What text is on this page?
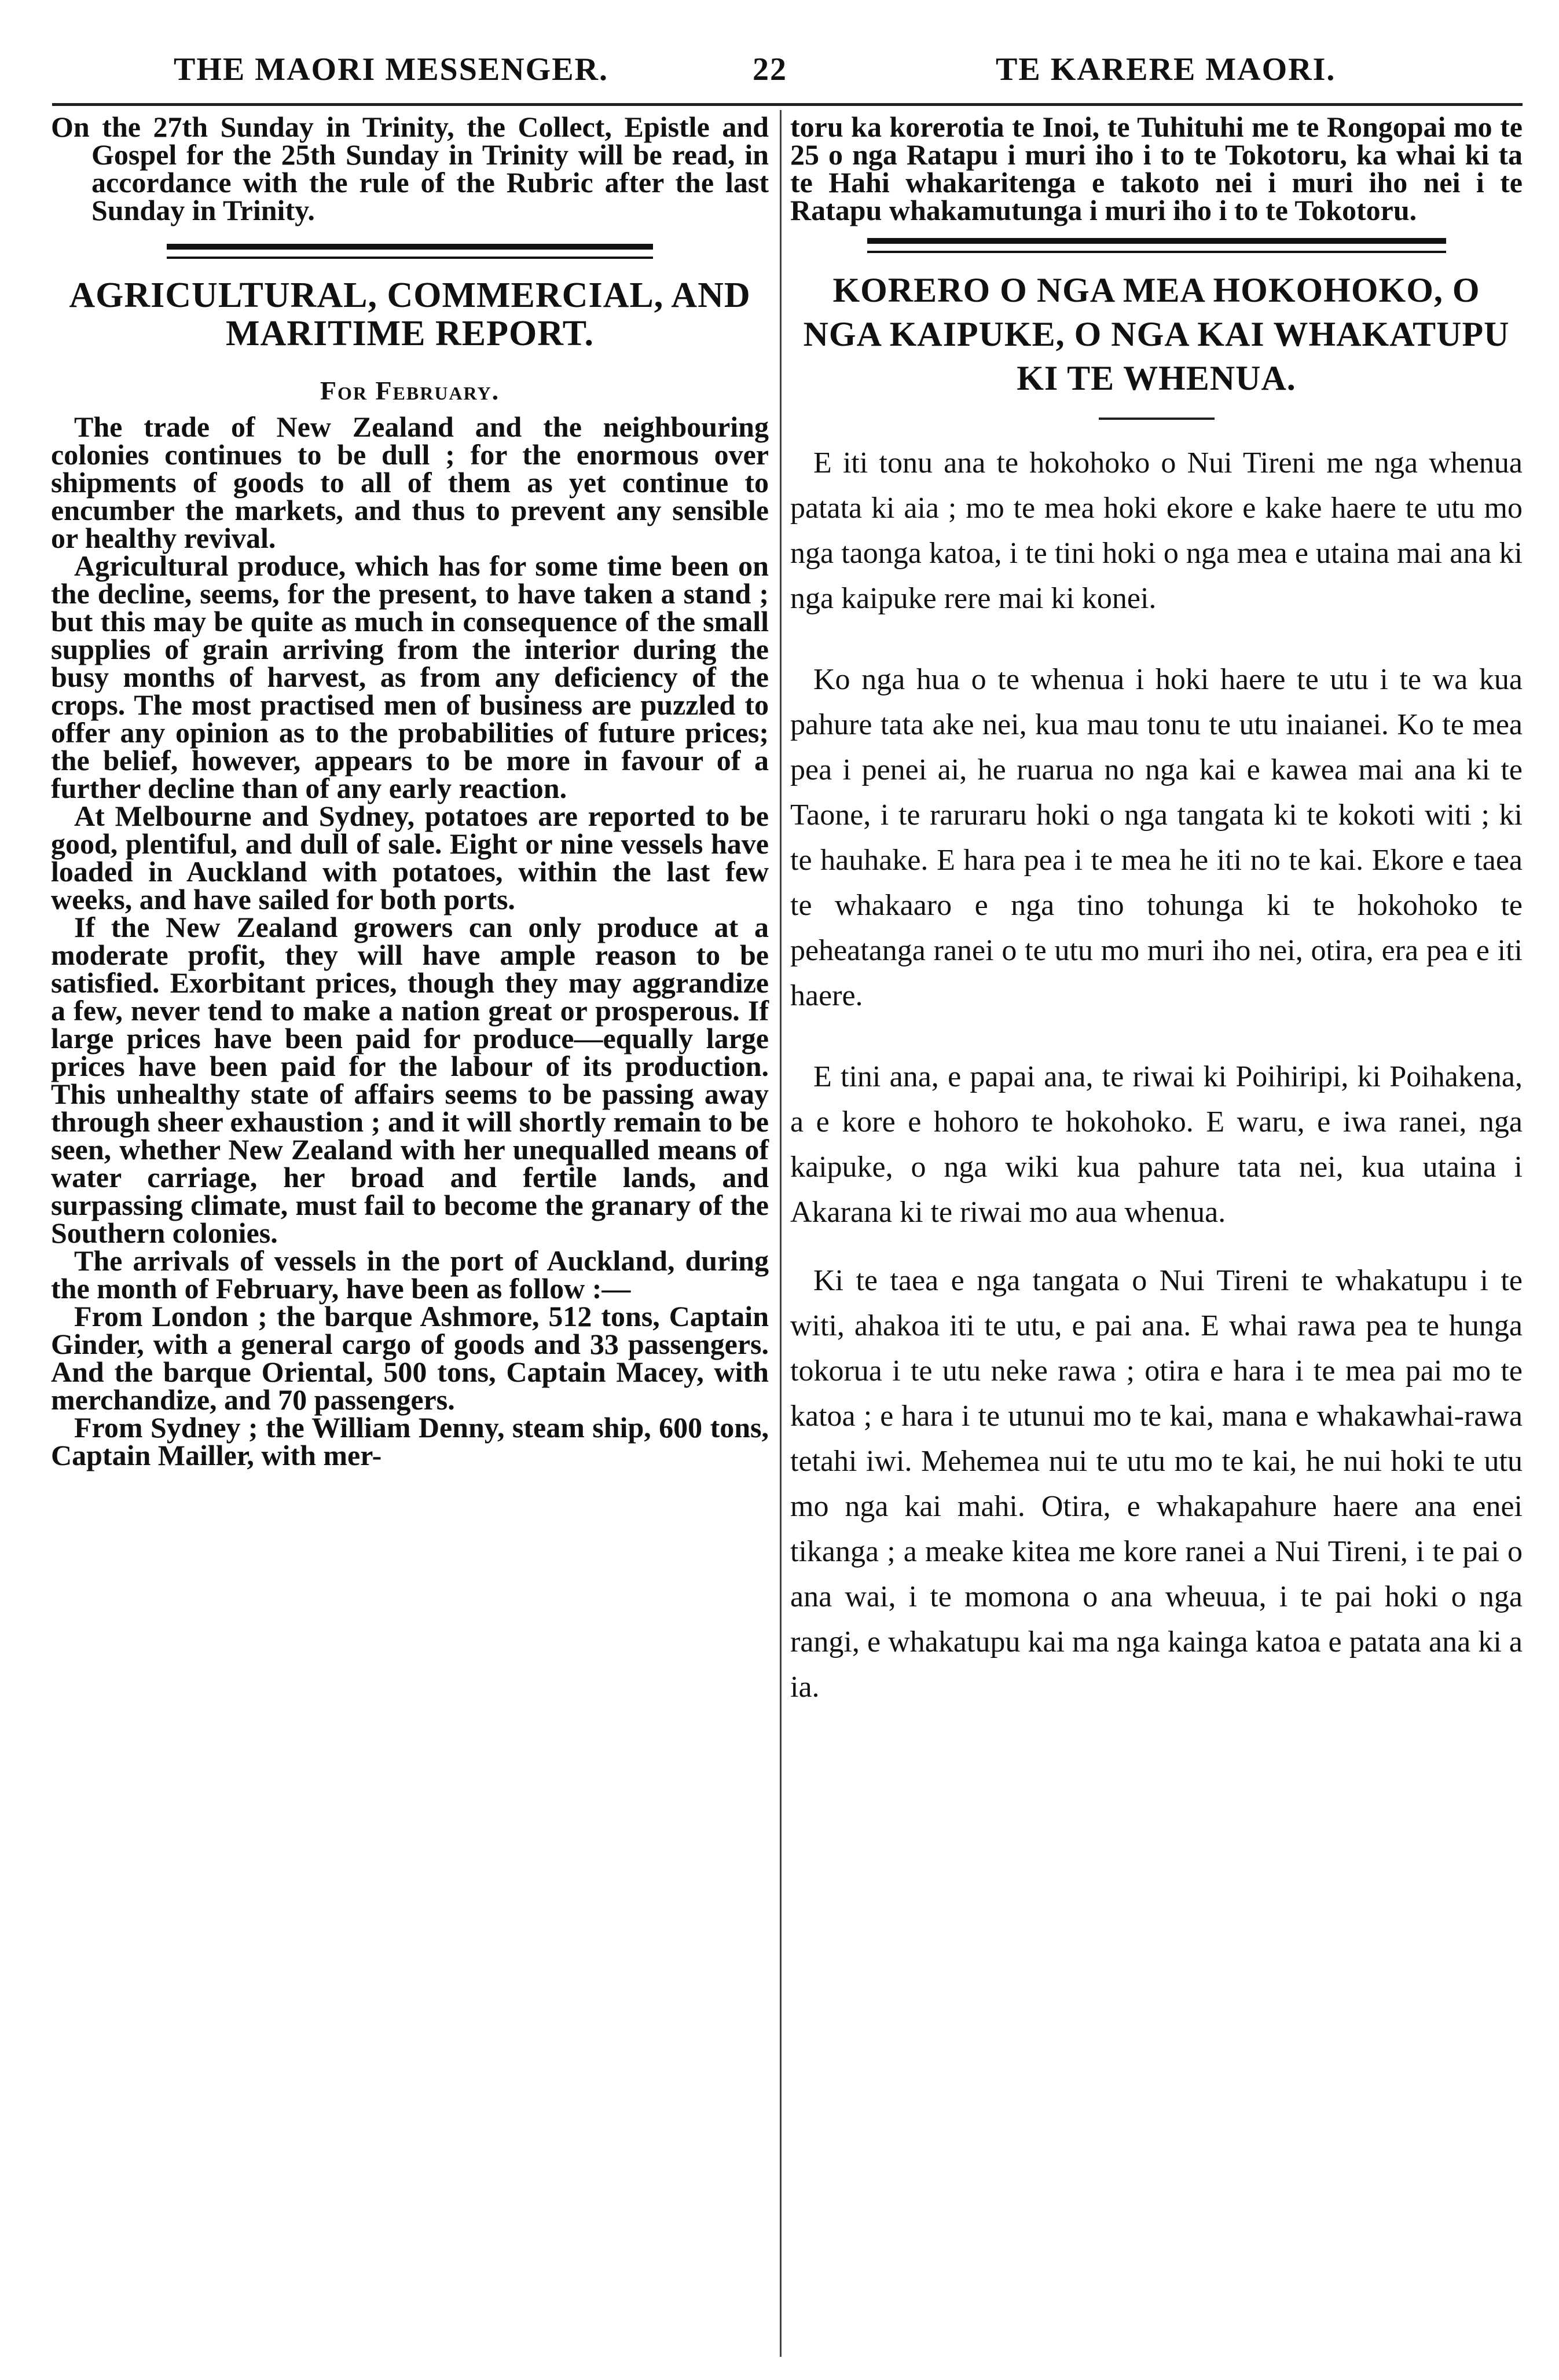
THE MAORI MESSENGER.	22	TE KARERE MAORI.

On the 27th Sunday in Trinity, the Collect, Epistle and Gospel for the 25th Sunday in Trinity will be read, in accordance with the rule of the Rubric after the last Sunday in Trinity.

AGRICULTURAL, COMMERCIAL, AND MARITIME REPORT.
For February.

The trade of New Zealand and the neighbouring colonies continues to be dull ; for the enormous over shipments of goods to all of them as yet continue to encumber the markets, and thus to prevent any sensible or healthy revival.

Agricultural produce, which has for some time been on the decline, seems, for the present, to have taken a stand ; but this may be quite as much in consequence of the small supplies of grain arriving from the interior during the busy months of harvest, as from any deficiency of the crops. The most practised men of business are puzzled to offer any opinion as to the probabilities of future prices; the belief, however, appears to be more in favour of a further decline than of any early reaction.

At Melbourne and Sydney, potatoes are reported to be good, plentiful, and dull of sale. Eight or nine vessels have loaded in Auckland with potatoes, within the last few weeks, and have sailed for both ports.

If the New Zealand growers can only produce at a moderate profit, they will have ample reason to be satisfied. Exorbitant prices, though they may aggrandize a few, never tend to make a nation great or prosperous. If large prices have been paid for produce—equally large prices have been paid for the labour of its production. This unhealthy state of affairs seems to be passing away through sheer exhaustion ; and it will shortly remain to be seen, whether New Zealand with her unequalled means of water carriage, her broad and fertile lands, and surpassing climate, must fail to become the granary of the Southern colonies.

The arrivals of vessels in the port of Auckland, during the month of February, have been as follow :—

From London ; the barque Ashmore, 512 tons, Captain Ginder, with a general cargo of goods and 33 passengers. And the barque Oriental, 500 tons, Captain Macey, with merchandize, and 70 passengers.

From Sydney ; the William Denny, steam ship, 600 tons, Captain Mailler, with mer-

toru ka korerotia te Inoi, te Tuhituhi me te Rongopai mo te 25 o nga Ratapu i muri iho i to te Tokotoru, ka whai ki ta te Hahi whakaritenga e takoto nei i muri iho nei i te Ratapu whakamutunga i muri iho i to te Tokotoru.

KORERO O NGA MEA HOKOHOKO, O NGA KAIPUKE, O NGA KAI WHAKATUPU KI TE WHENUA.

E iti tonu ana te hokohoko o Nui Tireni me nga whenua patata ki aia ; mo te mea hoki ekore e kake haere te utu mo nga taonga katoa, i te tini hoki o nga mea e utaina mai ana ki nga kaipuke rere mai ki konei.

Ko nga hua o te whenua i hoki haere te utu i te wa kua pahure tata ake nei, kua mau tonu te utu inaianei. Ko te mea pea i penei ai, he ruarua no nga kai e kawea mai ana ki te Taone, i te raruraru hoki o nga tangata ki te kokoti witi ; ki te hauhake. E hara pea i te mea he iti no te kai. Ekore e taea te whakaaro e nga tino tohunga ki te hokohoko te peheatanga ranei o te utu mo muri iho nei, otira, era pea e iti haere.

E tini ana, e papai ana, te riwai ki Poihiripi, ki Poihakena, a e kore e hohoro te hokohoko. E waru, e iwa ranei, nga kaipuke, o nga wiki kua pahure tata nei, kua utaina i Akarana ki te riwai mo aua whenua.

Ki te taea e nga tangata o Nui Tireni te whakatupu i te witi, ahakoa iti te utu, e pai ana. E whai rawa pea te hunga tokorua i te utu neke rawa ; otira e hara i te mea pai mo te katoa ; e hara i te utunui mo te kai, mana e whakawhai-rawa tetahi iwi. Mehemea nui te utu mo te kai, he nui hoki te utu mo nga kai mahi. Otira, e whakapahure haere ana enei tikanga ; a meake kitea me kore ranei a Nui Tireni, i te pai o ana wai, i te momona o ana wheuua, i te pai hoki o nga rangi, e whakatupu kai ma nga kainga katoa e patata ana ki a ia.
